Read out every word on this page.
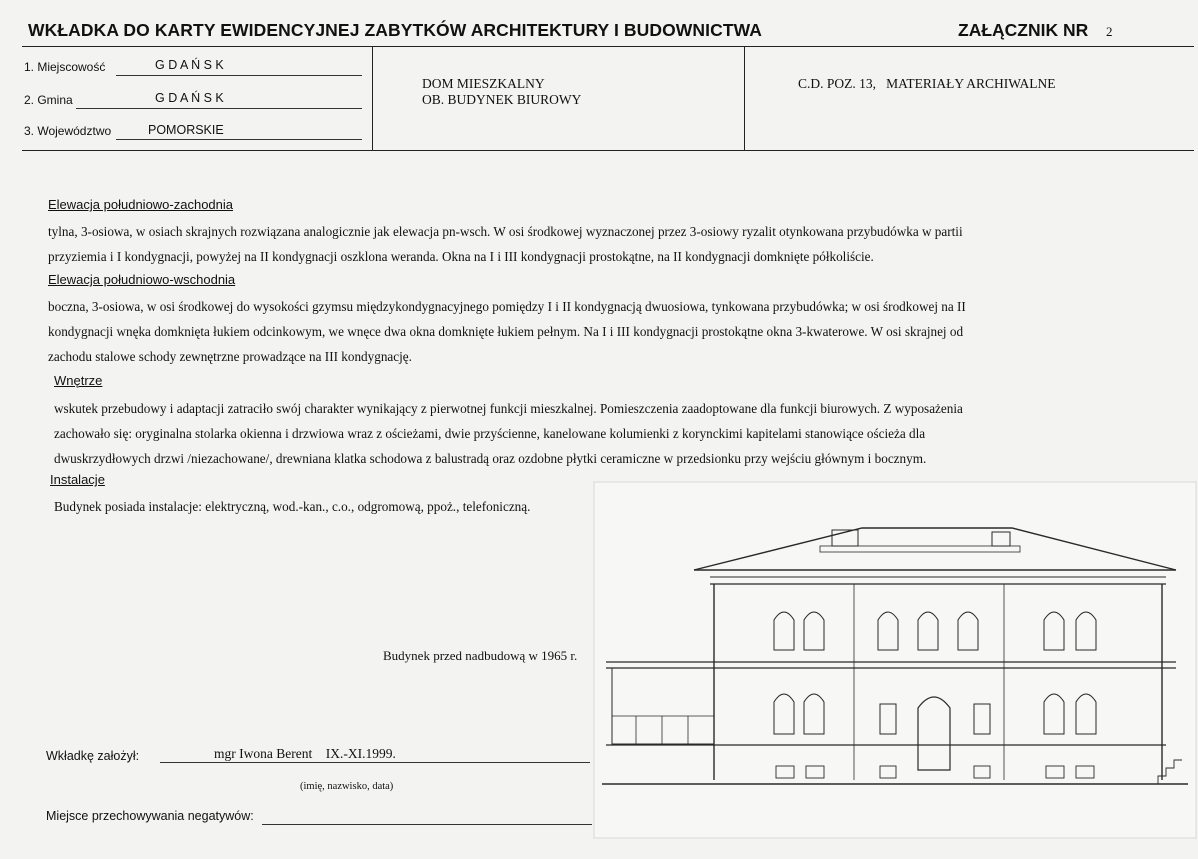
WKŁADKA DO KARTY EWIDENCYJNEJ ZABYTKÓW ARCHITEKTURY I BUDOWNICTWA	ZAŁĄCZNIK NR 2
1. Miejscowość	G D A Ń S K
2. Gmina	G D A Ń S K
3. Województwo	POMORSKIE
DOM MIESZKALNY
OB. BUDYNEK BIUROWY
C.D. POZ. 13,   MATERIAŁY ARCHIWALNE
Elewacja południowo-zachodnia
tylna, 3-osiowa, w osiach skrajnych rozwiązana analogicznie jak elewacja pn-wsch. W osi środkowej wyznaczonej przez 3-osiowy ryzalit otynkowana przybudówka w partii
przyziemia i I kondygnacji, powyżej na II kondygnacji oszklona weranda. Okna na I i III kondygnacji prostokątne, na II kondygnacji domknięte półkoliście.
Elewacja południowo-wschodnia
boczna, 3-osiowa, w osi środkowej do wysokości gzymsu międzykondygnacyjnego pomiędzy I i II kondygnacją dwuosiowa, tynkowana przybudówka; w osi środkowej na II
kondygnacji wnęka domknięta łukiem odcinkowym, we wnęce dwa okna domknięte łukiem pełnym. Na I i III kondygnacji prostokątne okna 3-kwaterowe. W osi skrajnej od
zachodu stalowe schody zewnętrzne prowadzące na III kondygnację.
Wnętrze
wskutek przebudowy i adaptacji zatraciło swój charakter wynikający z pierwotnej funkcji mieszkalnej. Pomieszczenia zaadoptowane dla funkcji biurowych. Z wyposażenia
zachowało się: oryginalna stolarka okienna i drzwiowa wraz z ościeżami, dwie przyścienne, kanelowane kolumienki z korynckimi kapitelami stanowiące ościeża dla
dwuskrzydłowych drzwi /niezachowane/, drewniana klatka schodowa z balustradą oraz ozdobne płytki ceramiczne w przedsionku przy wejściu głównym i bocznym.
Instalacje
Budynek posiada instalacje: elektryczną, wod.-kan., c.o., odgromową, ppoż., telefoniczną.
Budynek przed nadbudową w 1965 r.
Wkładkę założył:	mgr Iwona Berent    IX.-XI.1999.
(imię, nazwisko, data)
Miejsce przechowywania negatywów:
